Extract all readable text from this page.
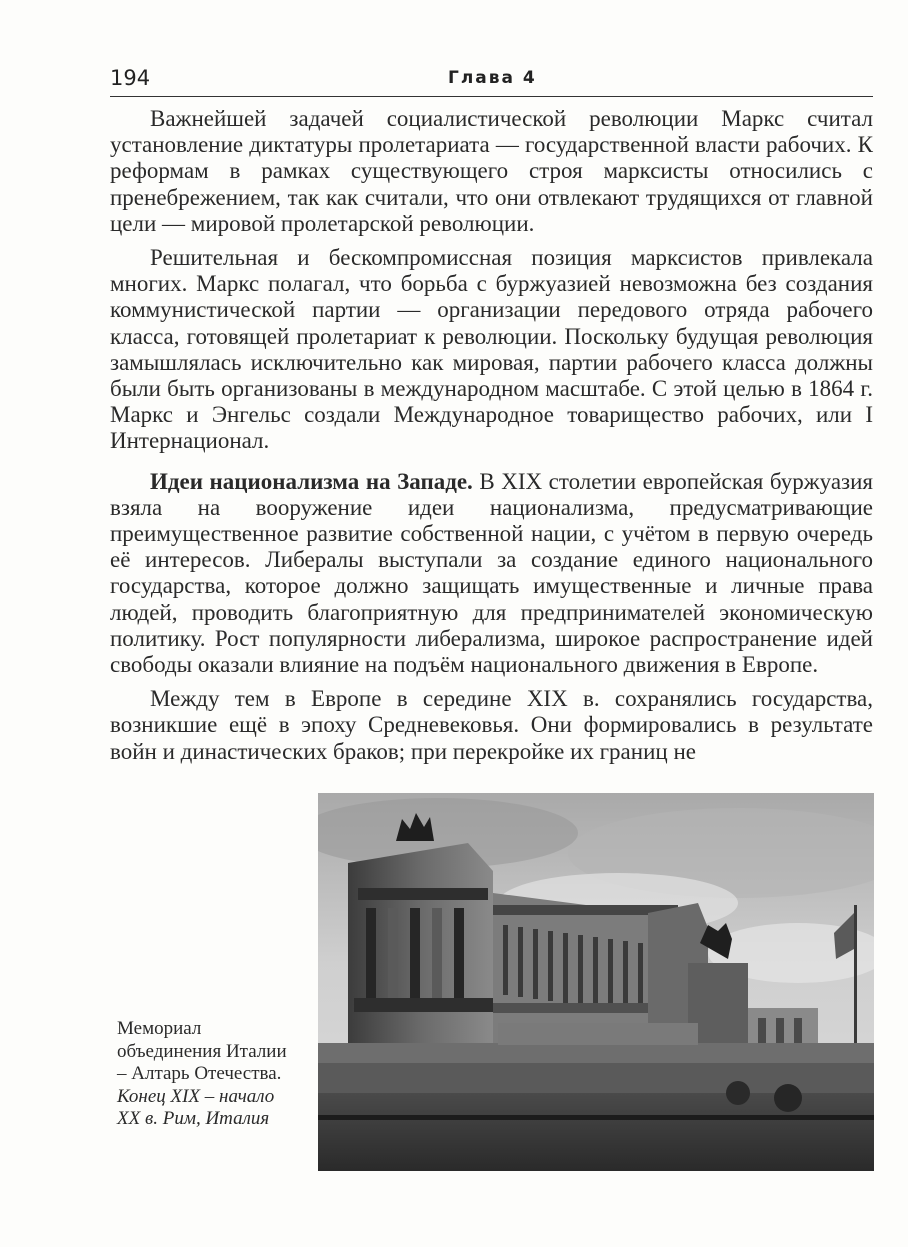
194	Глава 4

Важнейшей задачей социалистической революции Маркс считал установление диктатуры пролетариата — государственной власти рабочих. К реформам в рамках существующего строя марксисты относились с пренебрежением, так как считали, что они отвлекают трудящихся от главной цели — мировой пролетарской революции.

Решительная и бескомпромиссная позиция марксистов привлекала многих. Маркс полагал, что борьба с буржуазией невозможна без создания коммунистической партии — организации передового отряда рабочего класса, готовящей пролетариат к революции. Поскольку будущая революция замышлялась исключительно как мировая, партии рабочего класса должны были быть организованы в международном масштабе. С этой целью в 1864 г. Маркс и Энгельс создали Международное товарищество рабочих, или I Интернационал.

Идеи национализма на Западе. В XIX столетии европейская буржуазия взяла на вооружение идеи национализма, предусматривающие преимущественное развитие собственной нации, с учётом в первую очередь её интересов. Либералы выступали за создание единого национального государства, которое должно защищать имущественные и личные права людей, проводить благоприятную для предпринимателей экономическую политику. Рост популярности либерализма, широкое распространение идей свободы оказали влияние на подъём национального движения в Европе.

Между тем в Европе в середине XIX в. сохранялись государства, возникшие ещё в эпоху Средневековья. Они формировались в результате войн и династических браков; при перекройке их границ не

Мемориал объединения Италии – Алтарь Отечества. Конец XIX – начало XX в. Рим, Италия
